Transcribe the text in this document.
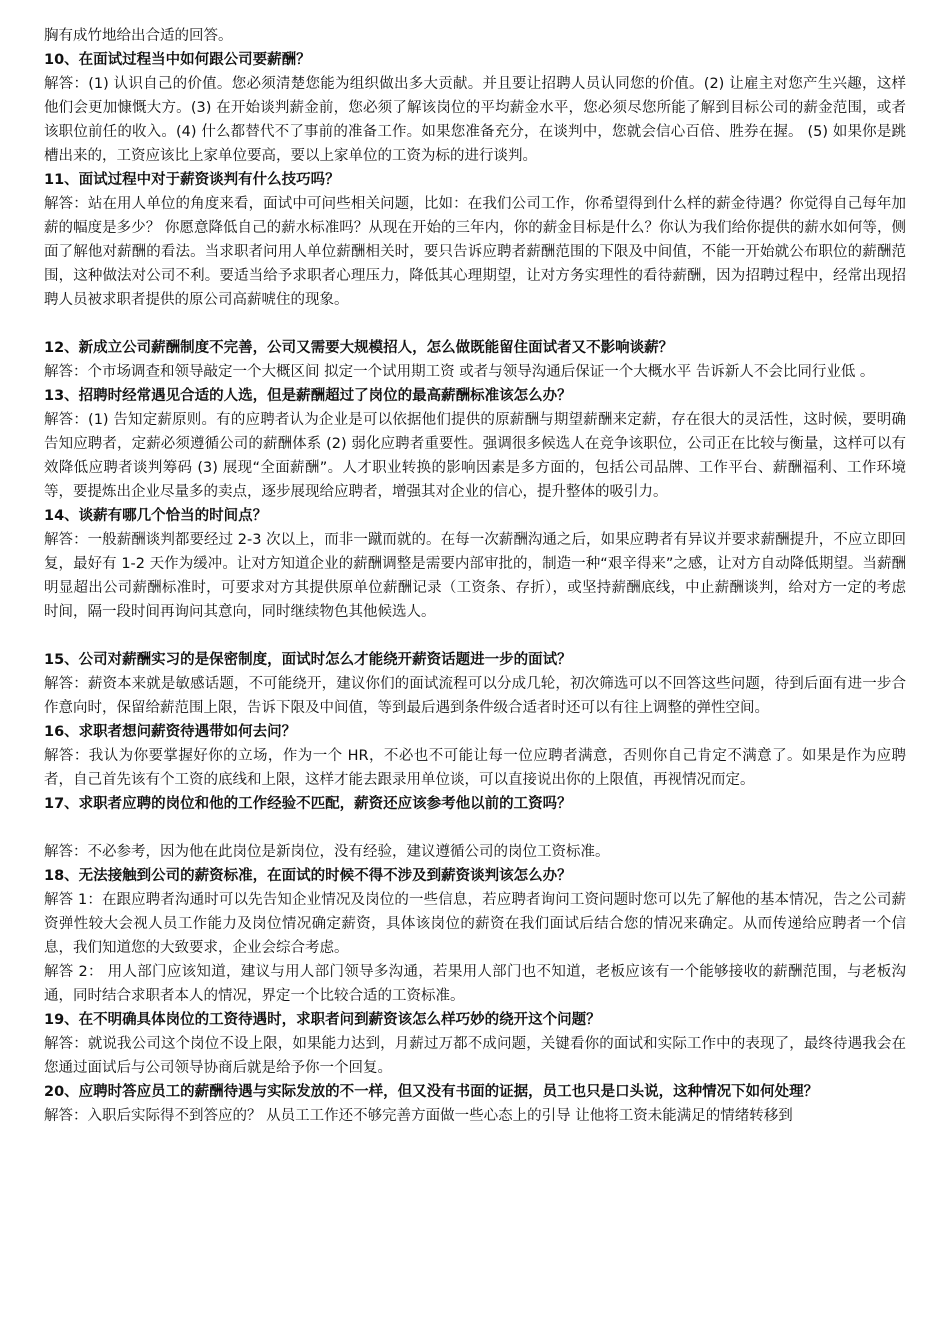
胸有成竹地给出合适的回答。

10、在面试过程当中如何跟公司要薪酬？

解答：(1) 认识自己的价值。您必须清楚您能为组织做出多大贡献。并且要让招聘人员认同您的价值。(2) 让雇主对您产生兴趣，这样他们会更加慷慨大方。(3) 在开始谈判薪金前，您必须了解该岗位的平均薪金水平，您必须尽您所能了解到目标公司的薪金范围，或者该职位前任的收入。(4) 什么都替代不了事前的准备工作。如果您准备充分，在谈判中，您就会信心百倍、胜券在握。 (5) 如果你是跳槽出来的，工资应该比上家单位要高，要以上家单位的工资为标的进行谈判。

11、面试过程中对于薪资谈判有什么技巧吗？

解答：站在用人单位的角度来看，面试中可问些相关问题，比如：在我们公司工作，你希望得到什么样的薪金待遇？你觉得自己每年加薪的幅度是多少？ 你愿意降低自己的薪水标准吗？从现在开始的三年内，你的薪金目标是什么？你认为我们给你提供的薪水如何等，侧面了解他对薪酬的看法。当求职者问用人单位薪酬相关时，要只告诉应聘者薪酬范围的下限及中间值，不能一开始就公布职位的薪酬范围，这种做法对公司不利。要适当给予求职者心理压力，降低其心理期望，让对方务实理性的看待薪酬，因为招聘过程中，经常出现招聘人员被求职者提供的原公司高薪唬住的现象。

12、新成立公司薪酬制度不完善，公司又需要大规模招人，怎么做既能留住面试者又不影响谈薪？

解答：个市场调查和领导敲定一个大概区间 拟定一个试用期工资 或者与领导沟通后保证一个大概水平 告诉新人不会比同行业低 。

13、招聘时经常遇见合适的人选，但是薪酬超过了岗位的最高薪酬标准该怎么办？

解答：(1) 告知定薪原则。有的应聘者认为企业是可以依据他们提供的原薪酬与期望薪酬来定薪，存在很大的灵活性，这时候，要明确告知应聘者，定薪必须遵循公司的薪酬体系 (2) 弱化应聘者重要性。强调很多候选人在竞争该职位，公司正在比较与衡量，这样可以有效降低应聘者谈判筹码 (3) 展现“全面薪酬”。人才职业转换的影响因素是多方面的，包括公司品牌、工作平台、薪酬福利、工作环境等，要提炼出企业尽量多的卖点，逐步展现给应聘者，增强其对企业的信心，提升整体的吸引力。

14、谈薪有哪几个恰当的时间点？

解答：一般薪酬谈判都要经过 2-3 次以上，而非一蹴而就的。在每一次薪酬沟通之后，如果应聘者有异议并要求薪酬提升，不应立即回复，最好有 1-2 天作为缓冲。让对方知道企业的薪酬调整是需要内部审批的，制造一种“艰辛得来”之感，让对方自动降低期望。当薪酬明显超出公司薪酬标准时，可要求对方其提供原单位薪酬记录（工资条、存折），或坚持薪酬底线，中止薪酬谈判，给对方一定的考虑时间，隔一段时间再询问其意向，同时继续物色其他候选人。

15、公司对薪酬实习的是保密制度，面试时怎么才能绕开薪资话题进一步的面试？

解答：薪资本来就是敏感话题，不可能绕开，建议你们的面试流程可以分成几轮，初次筛选可以不回答这些问题，待到后面有进一步合作意向时，保留给薪范围上限，告诉下限及中间值，等到最后遇到条件级合适者时还可以有往上调整的弹性空间。

16、求职者想问薪资待遇带如何去问？

解答：我认为你要掌握好你的立场，作为一个 HR，不必也不可能让每一位应聘者满意，否则你自己肯定不满意了。如果是作为应聘者，自己首先该有个工资的底线和上限，这样才能去跟录用单位谈，可以直接说出你的上限值，再视情况而定。

17、求职者应聘的岗位和他的工作经验不匹配，薪资还应该参考他以前的工资吗？

解答：不必参考，因为他在此岗位是新岗位，没有经验，建议遵循公司的岗位工资标准。

18、无法接触到公司的薪资标准，在面试的时候不得不涉及到薪资谈判该怎么办？

解答 1：在跟应聘者沟通时可以先告知企业情况及岗位的一些信息，若应聘者询问工资问题时您可以先了解他的基本情况，告之公司薪资弹性较大会视人员工作能力及岗位情况确定薪资，具体该岗位的薪资在我们面试后结合您的情况来确定。从而传递给应聘者一个信息，我们知道您的大致要求，企业会综合考虑。

解答 2： 用人部门应该知道，建议与用人部门领导多沟通，若果用人部门也不知道，老板应该有一个能够接收的薪酬范围，与老板沟通，同时结合求职者本人的情况，界定一个比较合适的工资标准。

19、在不明确具体岗位的工资待遇时，求职者问到薪资该怎么样巧妙的绕开这个问题？

解答：就说我公司这个岗位不设上限，如果能力达到，月薪过万都不成问题，关键看你的面试和实际工作中的表现了，最终待遇我会在您通过面试后与公司领导协商后就是给予你一个回复。

20、应聘时答应员工的薪酬待遇与实际发放的不一样，但又没有书面的证据，员工也只是口头说，这种情况下如何处理？

解答：入职后实际得不到答应的？ 从员工工作还不够完善方面做一些心态上的引导 让他将工资未能满足的情绪转移到
